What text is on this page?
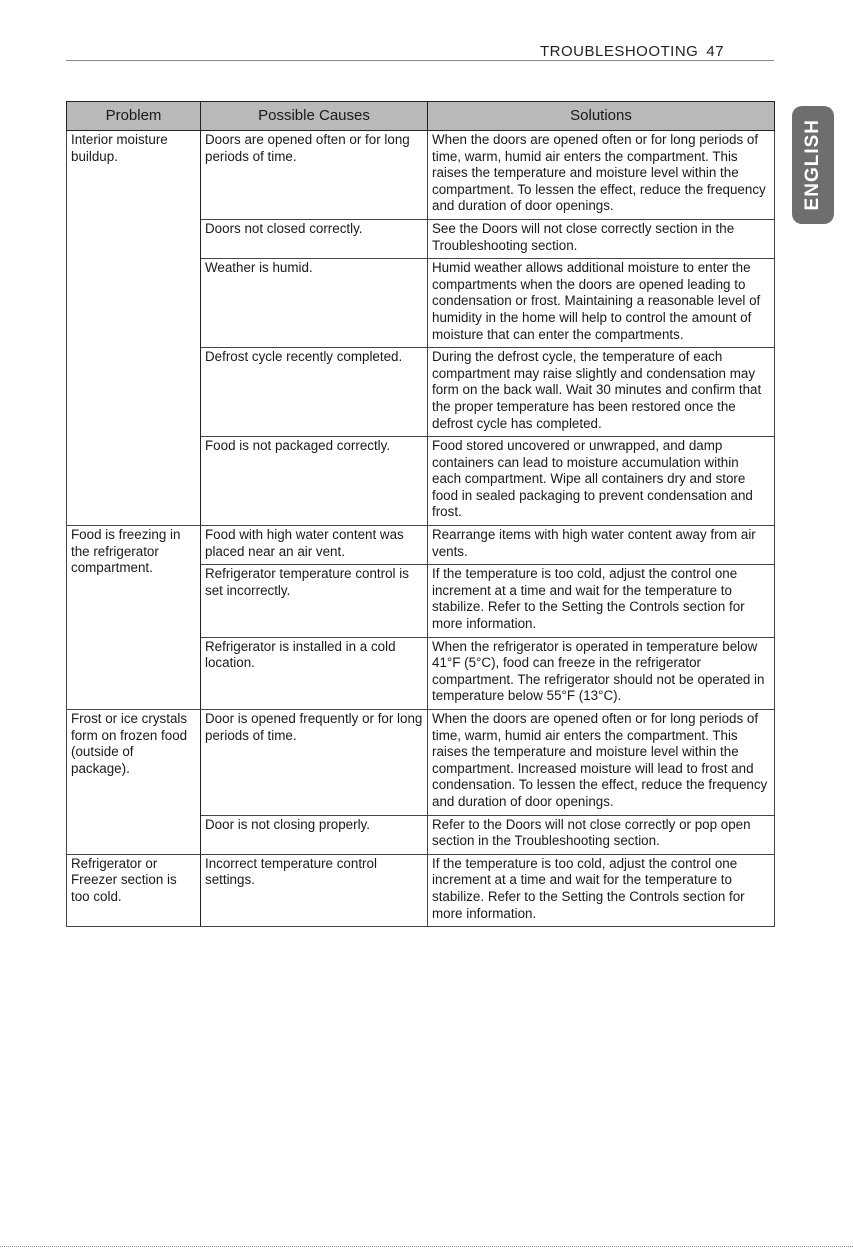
TROUBLESHOOTING 47
ENGLISH
Problem	Possible Causes	Solutions
Interior moisture buildup.	Doors are opened often or for long periods of time.	When the doors are opened often or for long periods of time, warm, humid air enters the compartment. This raises the temperature and moisture level within the compartment. To lessen the effect, reduce the frequency and duration of door openings.
	Doors not closed correctly.	See the Doors will not close correctly section in the Troubleshooting section.
	Weather is humid.	Humid weather allows additional moisture to enter the compartments when the doors are opened leading to condensation or frost. Maintaining a reasonable level of humidity in the home will help to control the amount of moisture that can enter the compartments.
	Defrost cycle recently completed.	During the defrost cycle, the temperature of each compartment may raise slightly and condensation may form on the back wall. Wait 30 minutes and confirm that the proper temperature has been restored once the defrost cycle has completed.
	Food is not packaged correctly.	Food stored uncovered or unwrapped, and damp containers can lead to moisture accumulation within each compartment. Wipe all containers dry and store food in sealed packaging to prevent condensation and frost.
Food is freezing in the refrigerator compartment.	Food with high water content was placed near an air vent.	Rearrange items with high water content away from air vents.
	Refrigerator temperature control is set incorrectly.	If the temperature is too cold, adjust the control one increment at a time and wait for the temperature to stabilize. Refer to the Setting the Controls section for more information.
	Refrigerator is installed in a cold location.	When the refrigerator is operated in temperature below 41°F (5°C), food can freeze in the refrigerator compartment. The refrigerator should not be operated in temperature below 55°F (13°C).
Frost or ice crystals form on frozen food (outside of package).	Door is opened frequently or for long periods of time.	When the doors are opened often or for long periods of time, warm, humid air enters the compartment. This raises the temperature and moisture level within the compartment. Increased moisture will lead to frost and condensation. To lessen the effect, reduce the frequency and duration of door openings.
	Door is not closing properly.	Refer to the Doors will not close correctly or pop open section in the Troubleshooting section.
Refrigerator or Freezer section is too cold.	Incorrect temperature control settings.	If the temperature is too cold, adjust the control one increment at a time and wait for the temperature to stabilize. Refer to the Setting the Controls section for more information.
